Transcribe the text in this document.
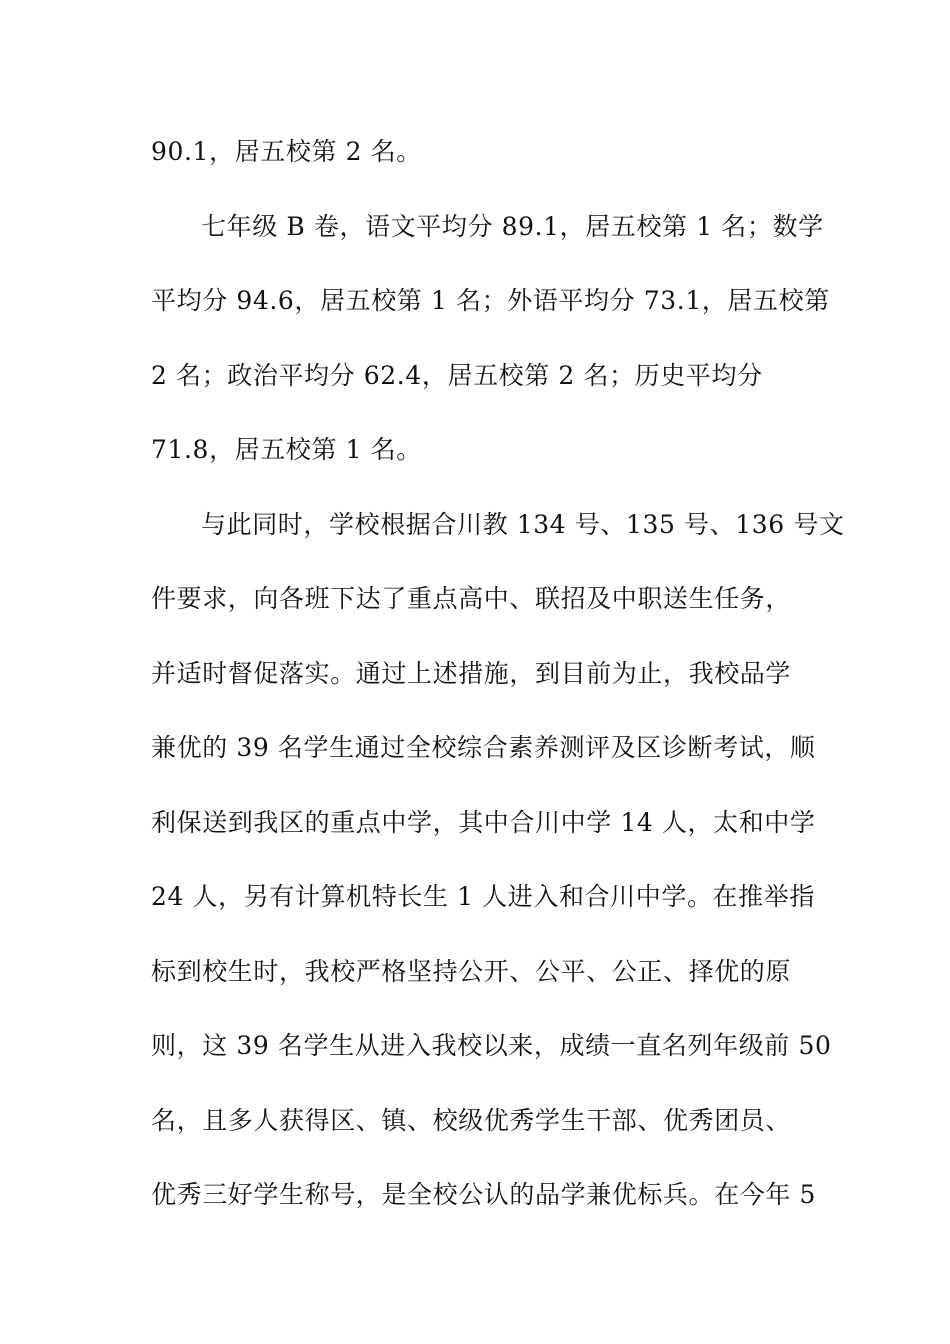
90.1，居五校第 2 名。
七年级 B 卷，语文平均分 89.1，居五校第 1 名；数学
平均分 94.6，居五校第 1 名；外语平均分 73.1，居五校第
2 名；政治平均分 62.4，居五校第 2 名；历史平均分
71.8，居五校第 1 名。
与此同时，学校根据合川教 134 号、135 号、136 号文
件要求，向各班下达了重点高中、联招及中职送生任务，
并适时督促落实。通过上述措施，到目前为止，我校品学
兼优的 39 名学生通过全校综合素养测评及区诊断考试，顺
利保送到我区的重点中学，其中合川中学 14 人，太和中学
24 人，另有计算机特长生 1 人进入和合川中学。在推举指
标到校生时，我校严格坚持公开、公平、公正、择优的原
则，这 39 名学生从进入我校以来，成绩一直名列年级前 50
名，且多人获得区、镇、校级优秀学生干部、优秀团员、
优秀三好学生称号，是全校公认的品学兼优标兵。在今年 5
